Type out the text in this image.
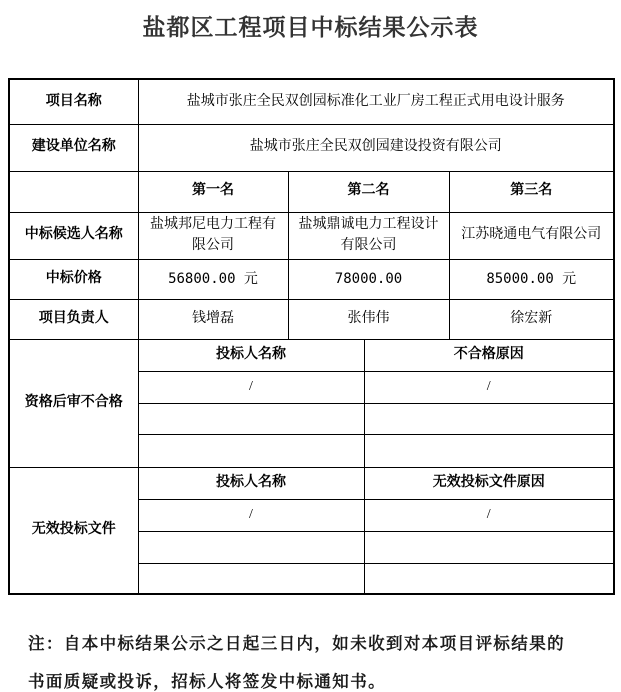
盐都区工程项目中标结果公示表
项目名称	盐城市张庄全民双创园标准化工业厂房工程正式用电设计服务			
建设单位名称	盐城市张庄全民双创园建设投资有限公司			
	第一名	第二名		第三名
中标候选人名称	盐城邦尼电力工程有限公司	盐城鼎诚电力工程设计有限公司		江苏晓通电气有限公司
中标价格	56800.00 元	78000.00		85000.00 元
项目负责人	钱增磊	张伟伟		徐宏新
资格后审不合格	投标人名称		不合格原因	
	/		/	

无效投标文件	投标人名称		无效投标文件原因	
	/		/	

注：自本中标结果公示之日起三日内，如未收到对本项目评标结果的
书面质疑或投诉，招标人将签发中标通知书。
